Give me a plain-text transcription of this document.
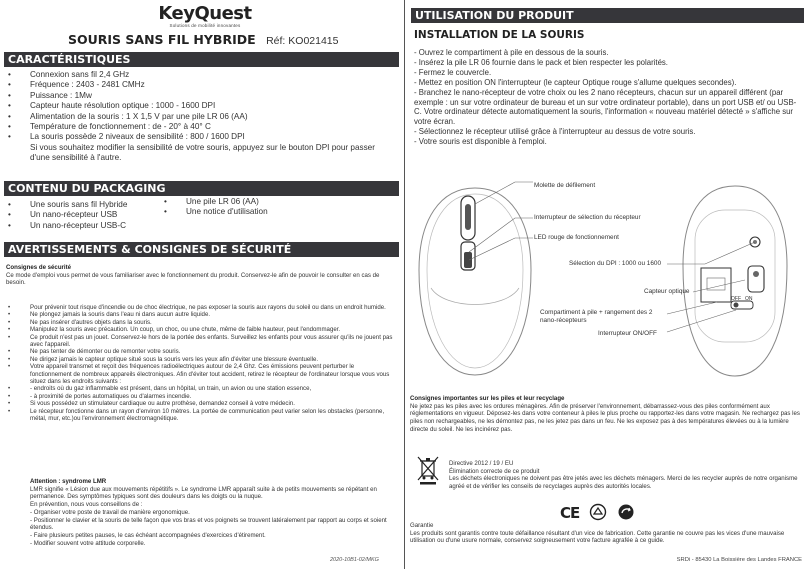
KeyQuest
Solutions de mobilité innovantes
SOURIS SANS FIL HYBRIDE Réf: KO021415
CARACTÉRISTIQUES
• Connexion sans fil 2,4 GHz
• Fréquence : 2403 - 2481 CMHz
• Puissance : 1Mw
• Capteur haute résolution optique : 1000 - 1600 DPI
• Alimentation de la souris : 1 X 1,5 V par une pile LR 06 (AA)
• Température de fonctionnement : de - 20° à 40° C
• La souris possède 2 niveaux de sensibilité : 800 / 1600 DPI
Si vous souhaitez modifier la sensibilité de votre souris, appuyez sur le bouton DPI pour passer d'une sensibilité à l'autre.
CONTENU DU PACKAGING
• Une souris sans fil Hybride
• Un nano-récepteur USB
• Un nano-récepteur USB-C
• Une pile LR 06 (AA)
• Une notice d'utilisation
AVERTISSEMENTS & CONSIGNES DE SÉCURITÉ

Consignes de sécurité

Ce mode d'emploi vous permet de vous familiariser avec le fonctionnement du produit. Conservez-le afin de pouvoir le consulter en cas de besoin.

• Pour prévenir tout risque d'incendie ou de choc électrique, ne pas exposer la souris aux rayons du soleil ou dans un endroit humide.
• Ne plongez jamais la souris dans l'eau ni dans aucun autre liquide.
• Ne pas insérer d'autres objets dans la souris.
• Manipulez la souris avec précaution. Un coup, un choc, ou une chute, même de faible hauteur, peut l'endommager.
• Ce produit n'est pas un jouet. Conservez-le hors de la portée des enfants. Surveillez les enfants pour vous assurer qu'ils ne jouent pas avec l'appareil.
• Ne pas tenter de démonter ou de remonter votre souris.
• Ne dirigez jamais le capteur optique situé sous la souris vers les yeux afin d'éviter une blessure éventuelle.
• Votre appareil transmet et reçoit des fréquences radioélectriques autour de 2,4 Ghz. Ces émissions peuvent perturber le fonctionnement de nombreux appareils électroniques. Afin d'éviter tout accident, retirez le récepteur de l'ordinateur lorsque vous vous situez dans les endroits suivants :
• - endroits où du gaz inflammable est présent, dans un hôpital, un train, un avion ou une station essence,
• - à proximité de portes automatiques ou d'alarmes incendie.
• Si vous possédez un stimulateur cardiaque ou autre prothèse, demandez conseil à votre médecin.
• Le récepteur fonctionne dans un rayon d'environ 10 mètres. La portée de communication peut varier selon les obstacles (personne, métal, mur, etc.)ou l'environnement électromagnétique.

Attention : syndrome LMR

LMR signifie « Lésion due aux mouvements répétitifs ». Le syndrome LMR apparaît suite à de petits mouvements se répétant en permanence. Des symptômes typiques sont des douleurs dans les doigts ou la nuque.

En prévention, nous vous conseillons de :

- Organiser votre poste de travail de manière ergonomique.

- Positionner le clavier et la souris de telle façon que vos bras et vos poignets se trouvent latéralement par rapport au corps et soient étendus.

- Faire plusieurs petites pauses, le cas échéant accompagnées d'exercices d'étirement.

- Modifier souvent votre attitude corporelle.

2020-10B1-02/MKG
UTILISATION DU PRODUIT
INSTALLATION DE LA SOURIS
- Ouvrez le compartiment à pile en dessous de la souris.
- Insérez la pile LR 06 fournie dans le pack et bien respecter les polarités.
- Fermez le couvercle.
- Mettez en position ON l'interrupteur (le capteur Optique rouge s'allume quelques secondes).
- Branchez le nano-récepteur de votre choix ou les 2 nano récepteurs, chacun sur un appareil différent (par exemple : un sur votre ordinateur de bureau et un sur votre ordinateur portable), dans un port USB et/ ou USB-C. Votre ordinateur détecte automatiquement la souris, l'information « nouveau matériel détecté » s'affiche sur votre écran.
- Sélectionnez le récepteur utilisé grâce à l'interrupteur au dessus de votre souris.
- Votre souris est disponible à l'emploi.
OFF ON
Molette de défilement
Interrupteur de sélection du récepteur
LED rouge de fonctionnement
Sélection du DPI : 1000 ou 1600
Capteur optique
Compartiment à pile + rangement des 2 nano-récepteurs
Interrupteur ON/OFF

Consignes importantes sur les piles et leur recyclage

Ne jetez pas les piles avec les ordures ménagères. Afin de préserver l'environnement, débarrassez-vous des piles conformément aux réglementations en vigueur. Déposez-les dans votre conteneur à piles le plus proche ou rapportez-les dans votre magasin. Ne rechargez pas les piles non rechargeables, ne les démontez pas, ne les jetez pas dans un feu. Ne les exposez pas à des températures élevées ou à la lumière directe du soleil. Ne les incinérez pas.

Directive 2012 / 19 / EU

Élimination correcte de ce produit

Les déchets électroniques ne doivent pas être jetés avec les déchets ménagers. Merci de les recycler auprès de notre organisme agréé et de vérifier les conseils de recyclages auprès des autorités locales.

CE

Garantie

Les produits sont garantis contre toute défaillance résultant d'un vice de fabrication. Cette garantie ne couvre pas les vices d'une mauvaise utilisation ou d'une usure normale, conservez soigneusement votre facture agrafée à ce guide.

SRDi - 85430 La Boissière des Landes FRANCE
